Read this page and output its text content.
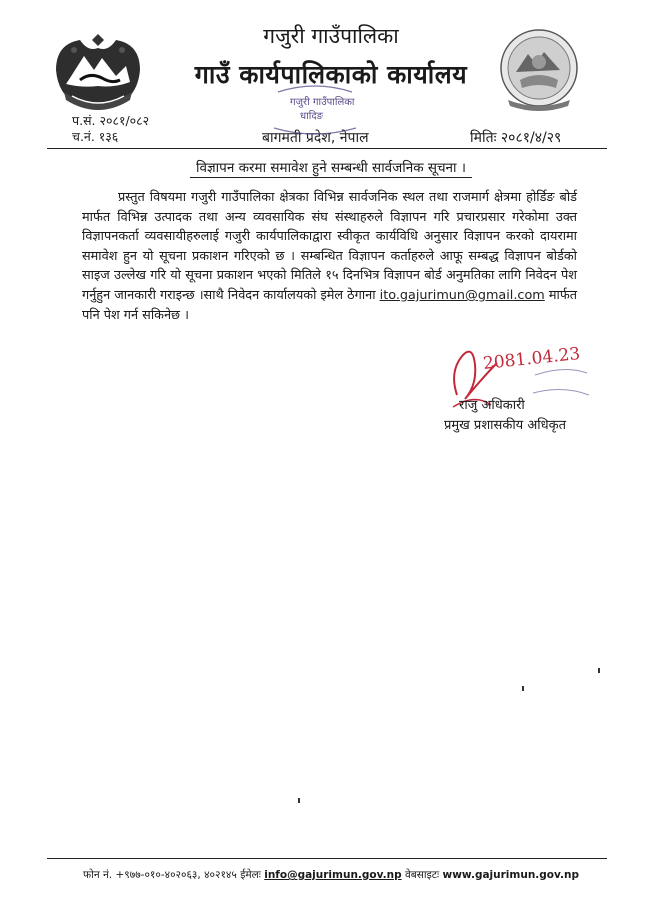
गजुरी गाउँपालिका
गाउँ कार्यपालिकाको कार्यालय
प.सं. २०८१/०८२
च.नं. १३६	बागमती प्रदेश, नेपाल	मितिः २०८१/४/२९
गजुरी गाउँपालिका
धादिङ
विज्ञापन करमा समावेश हुने सम्बन्धी सार्वजनिक सूचना ।

प्रस्तुत विषयमा गजुरी गाउँपालिका क्षेत्रका विभिन्न सार्वजनिक स्थल तथा राजमार्ग क्षेत्रमा होर्डिङ बोर्ड मार्फत विभिन्न उत्पादक तथा अन्य व्यवसायिक संघ संस्थाहरुले विज्ञापन गरि प्रचारप्रसार गरेकोमा उक्त विज्ञापनकर्ता व्यवसायीहरुलाई गजुरी कार्यपालिकाद्वारा स्वीकृत कार्यविधि अनुसार विज्ञापन करको दायरामा समावेश हुन यो सूचना प्रकाशन गरिएको छ । सम्बन्धित विज्ञापन कर्ताहरुले आफू सम्बद्ध विज्ञापन बोर्डको साइज उल्लेख गरि यो सूचना प्रकाशन भएको मितिले १५ दिनभित्र विज्ञापन बोर्ड अनुमतिका लागि निवेदन पेश गर्नुहुन जानकारी गराइन्छ ।साथै निवेदन कार्यालयको इमेल ठेगाना ito.gajurimun@gmail.com मार्फत पनि पेश गर्न सकिनेछ ।

2081.04.23
राजु अधिकारी
प्रमुख प्रशासकीय अधिकृत
फोन नं. +९७७-०१०-४०२०६३, ४०२१४५ ईमेलः info@gajurimun.gov.np वेबसाइटः www.gajurimun.gov.np
